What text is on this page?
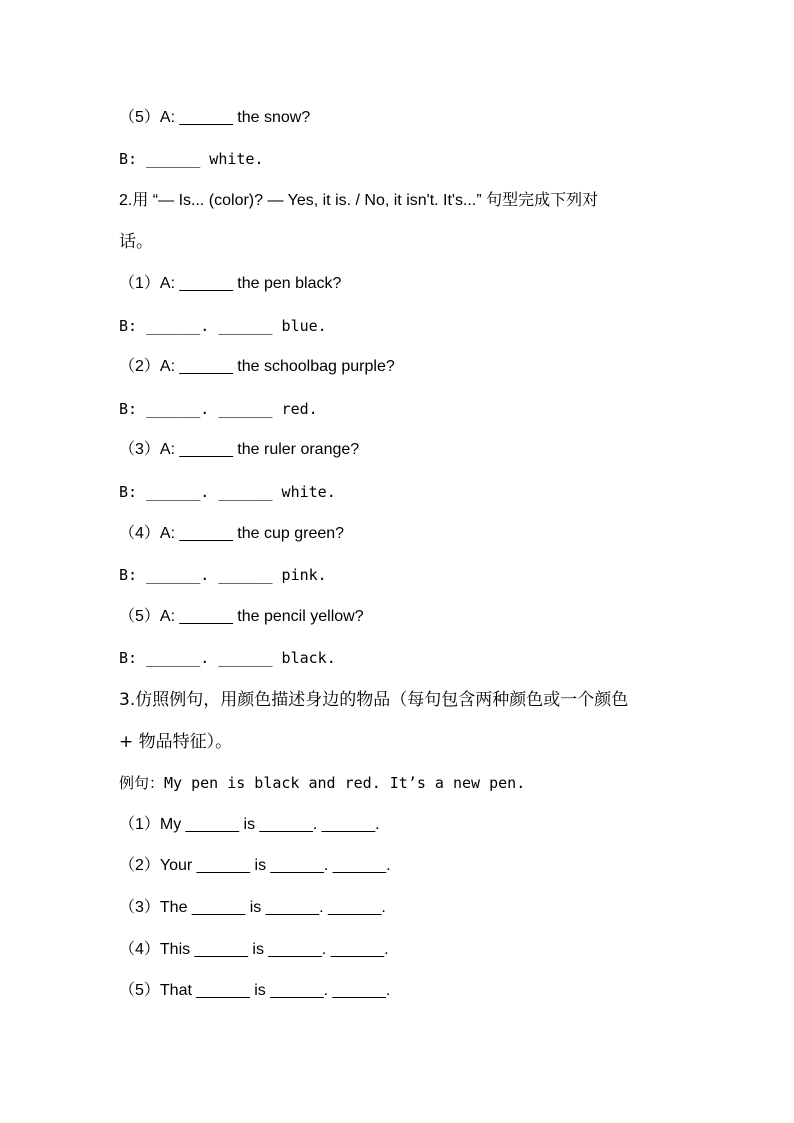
（5）A: ______ the snow?
B: ______ white.
2.用 “— Is... (color)? — Yes, it is. / No, it isn't. It's...” 句型完成下列对
话。
（1）A: ______ the pen black?
B: ______. ______ blue.
（2）A: ______ the schoolbag purple?
B: ______. ______ red.
（3）A: ______ the ruler orange?
B: ______. ______ white.
（4）A: ______ the cup green?
B: ______. ______ pink.
（5）A: ______ the pencil yellow?
B: ______. ______ black.
3.仿照例句，用颜色描述身边的物品（每句包含两种颜色或一个颜色
+ 物品特征）。
例句：My pen is black and red. It’s a new pen.
（1）My ______ is ______. ______.
（2）Your ______ is ______. ______.
（3）The ______ is ______. ______.
（4）This ______ is ______. ______.
（5）That ______ is ______. ______.
